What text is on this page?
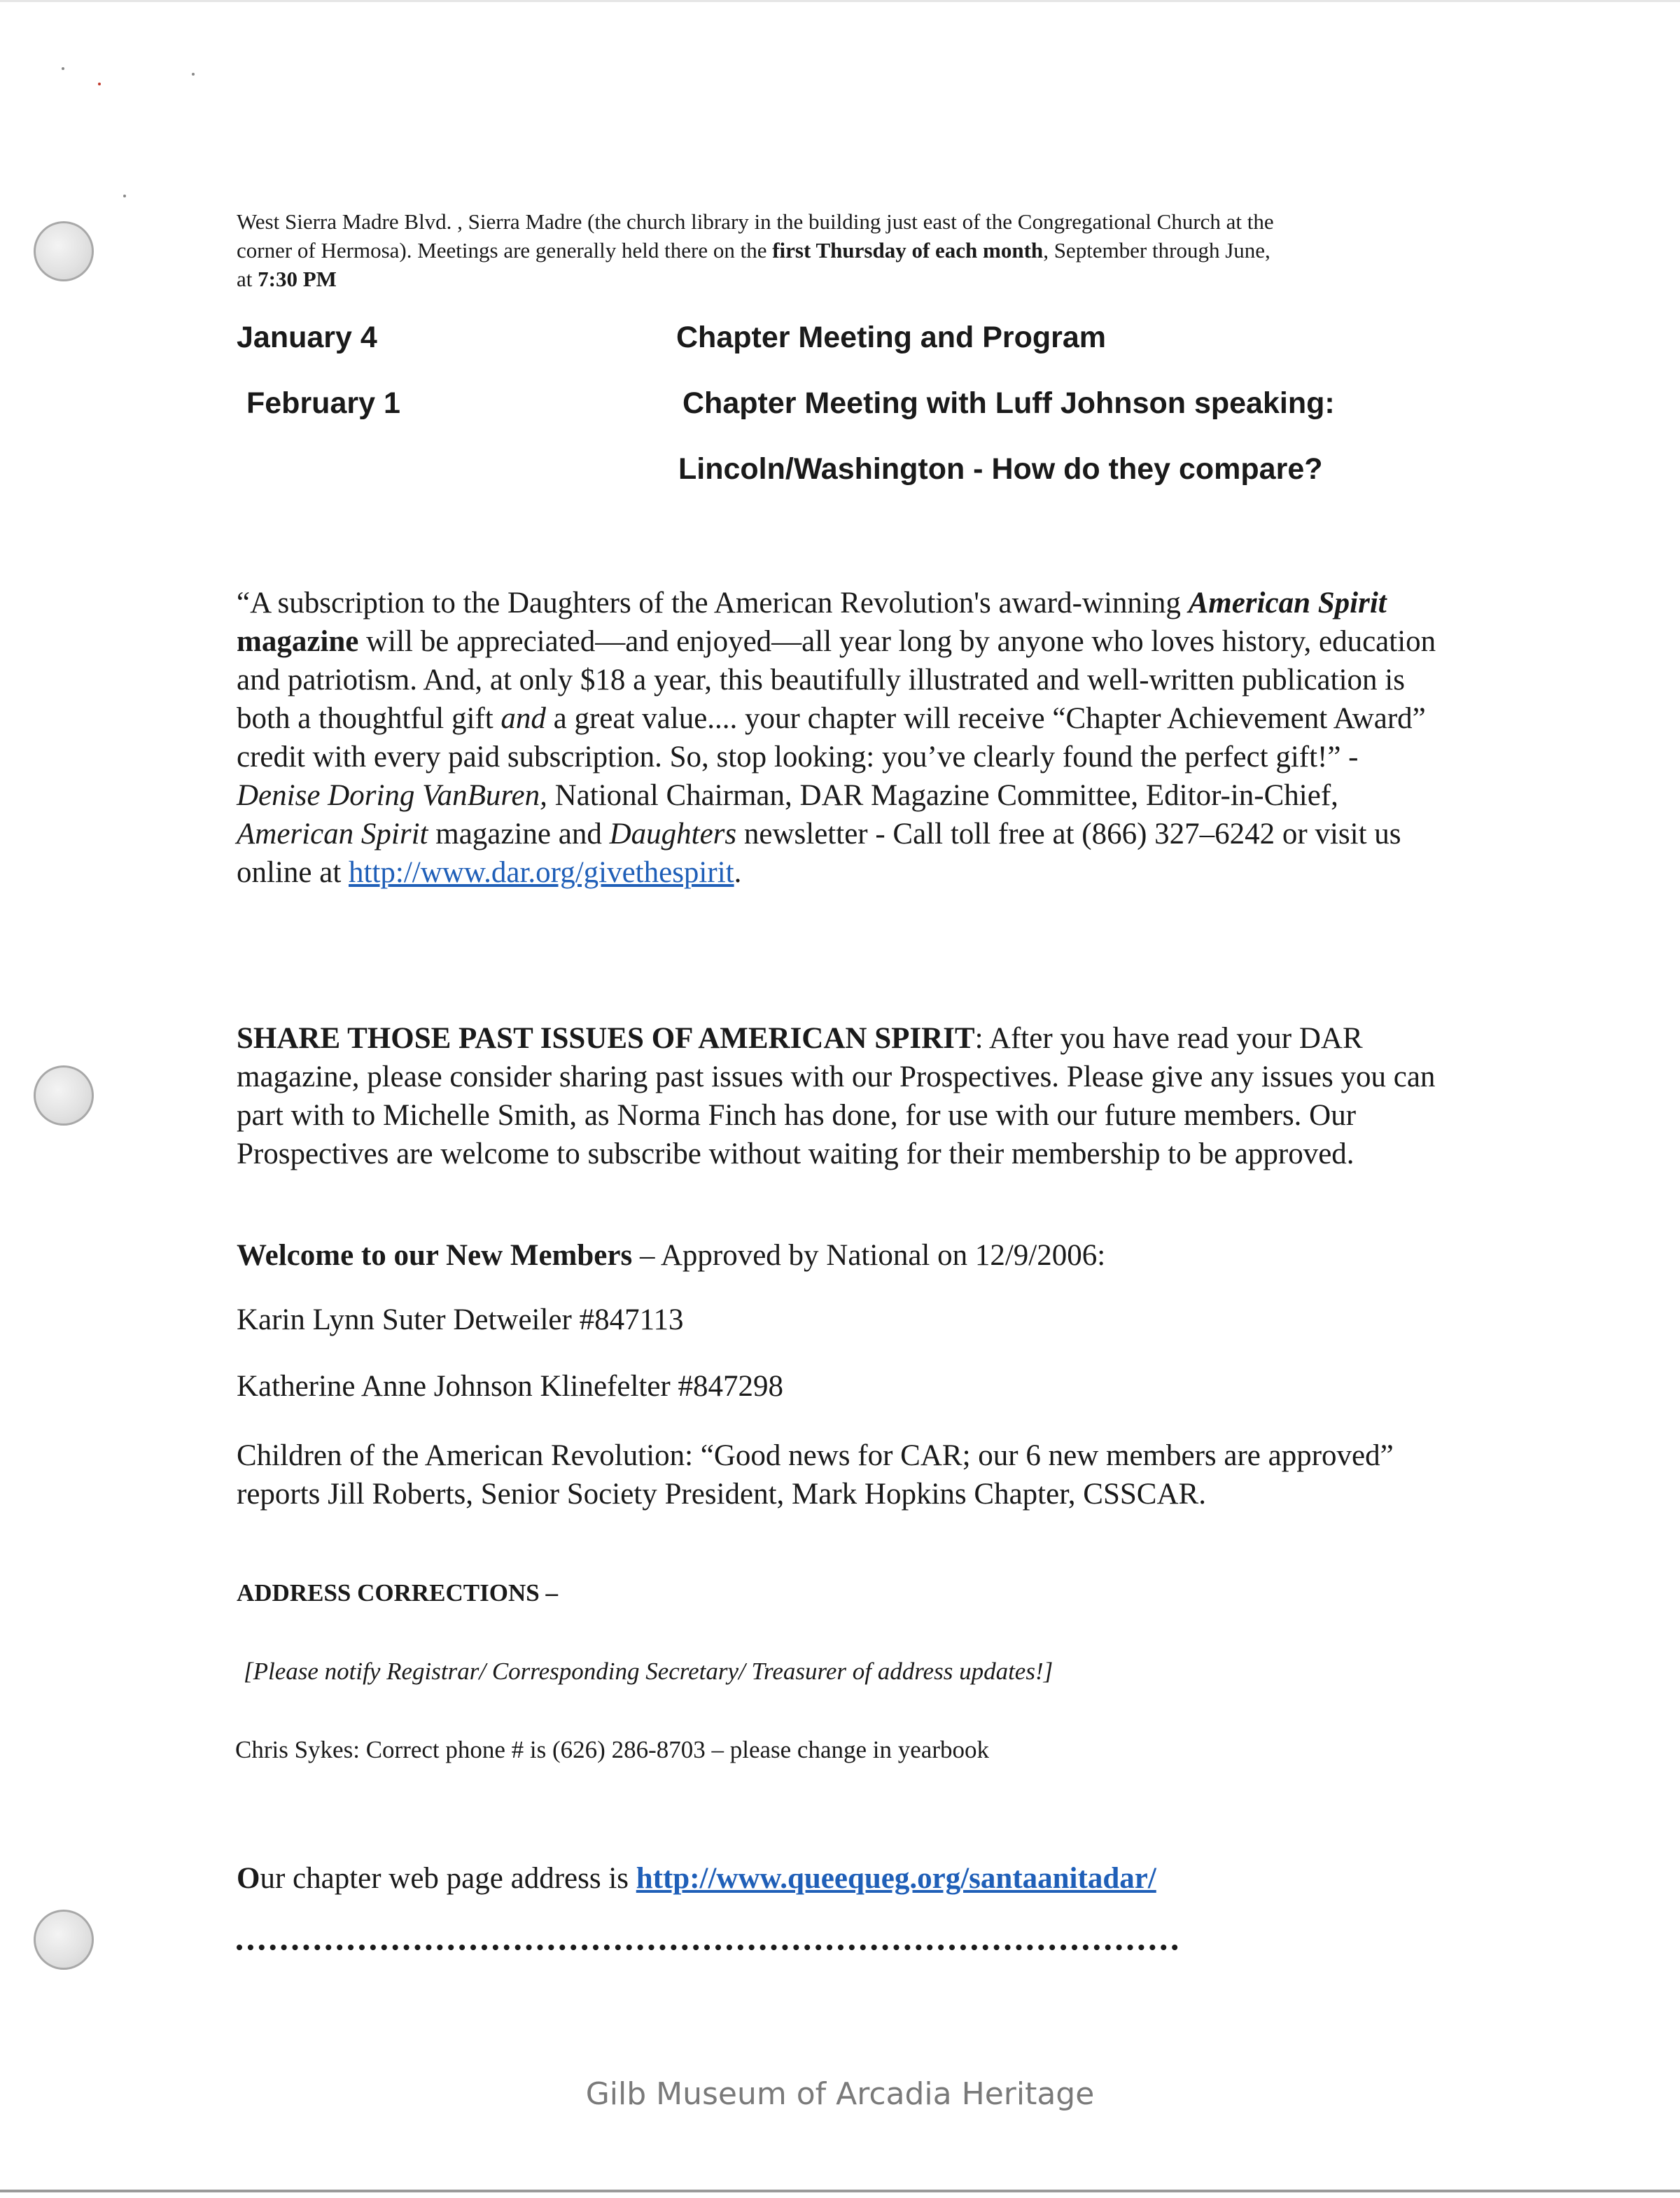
West Sierra Madre Blvd. , Sierra Madre (the church library in the building just east of the Congregational Church at the
corner of Hermosa). Meetings are generally held there on the first Thursday of each month, September through June,
at 7:30 PM
January 4	Chapter Meeting and Program
February 1	Chapter Meeting with Luff Johnson speaking:
Lincoln/Washington - How do they compare?
“A subscription to the Daughters of the American Revolution's award-winning American Spirit magazine will be appreciated—and enjoyed—all year long by anyone who loves history, education and patriotism. And, at only $18 a year, this beautifully illustrated and well-written publication is both a thoughtful gift and a great value.... your chapter will receive “Chapter Achievement Award” credit with every paid subscription. So, stop looking: you’ve clearly found the perfect gift!” - Denise Doring VanBuren, National Chairman, DAR Magazine Committee, Editor-in-Chief, American Spirit magazine and Daughters newsletter - Call toll free at (866) 327–6242 or visit us online at http://www.dar.org/givethespirit.
SHARE THOSE PAST ISSUES OF AMERICAN SPIRIT: After you have read your DAR magazine, please consider sharing past issues with our Prospectives. Please give any issues you can part with to Michelle Smith, as Norma Finch has done, for use with our future members. Our Prospectives are welcome to subscribe without waiting for their membership to be approved.
Welcome to our New Members – Approved by National on 12/9/2006:
Karin Lynn Suter Detweiler #847113
Katherine Anne Johnson Klinefelter #847298
Children of the American Revolution: “Good news for CAR; our 6 new members are approved” reports Jill Roberts, Senior Society President, Mark Hopkins Chapter, CSSCAR.
ADDRESS CORRECTIONS –
[Please notify Registrar/ Corresponding Secretary/ Treasurer of address updates!]
Chris Sykes: Correct phone # is (626) 286-8703 – please change in yearbook
Our chapter web page address is http://www.queequeg.org/santaanitadar/
Gilb Museum of Arcadia Heritage
